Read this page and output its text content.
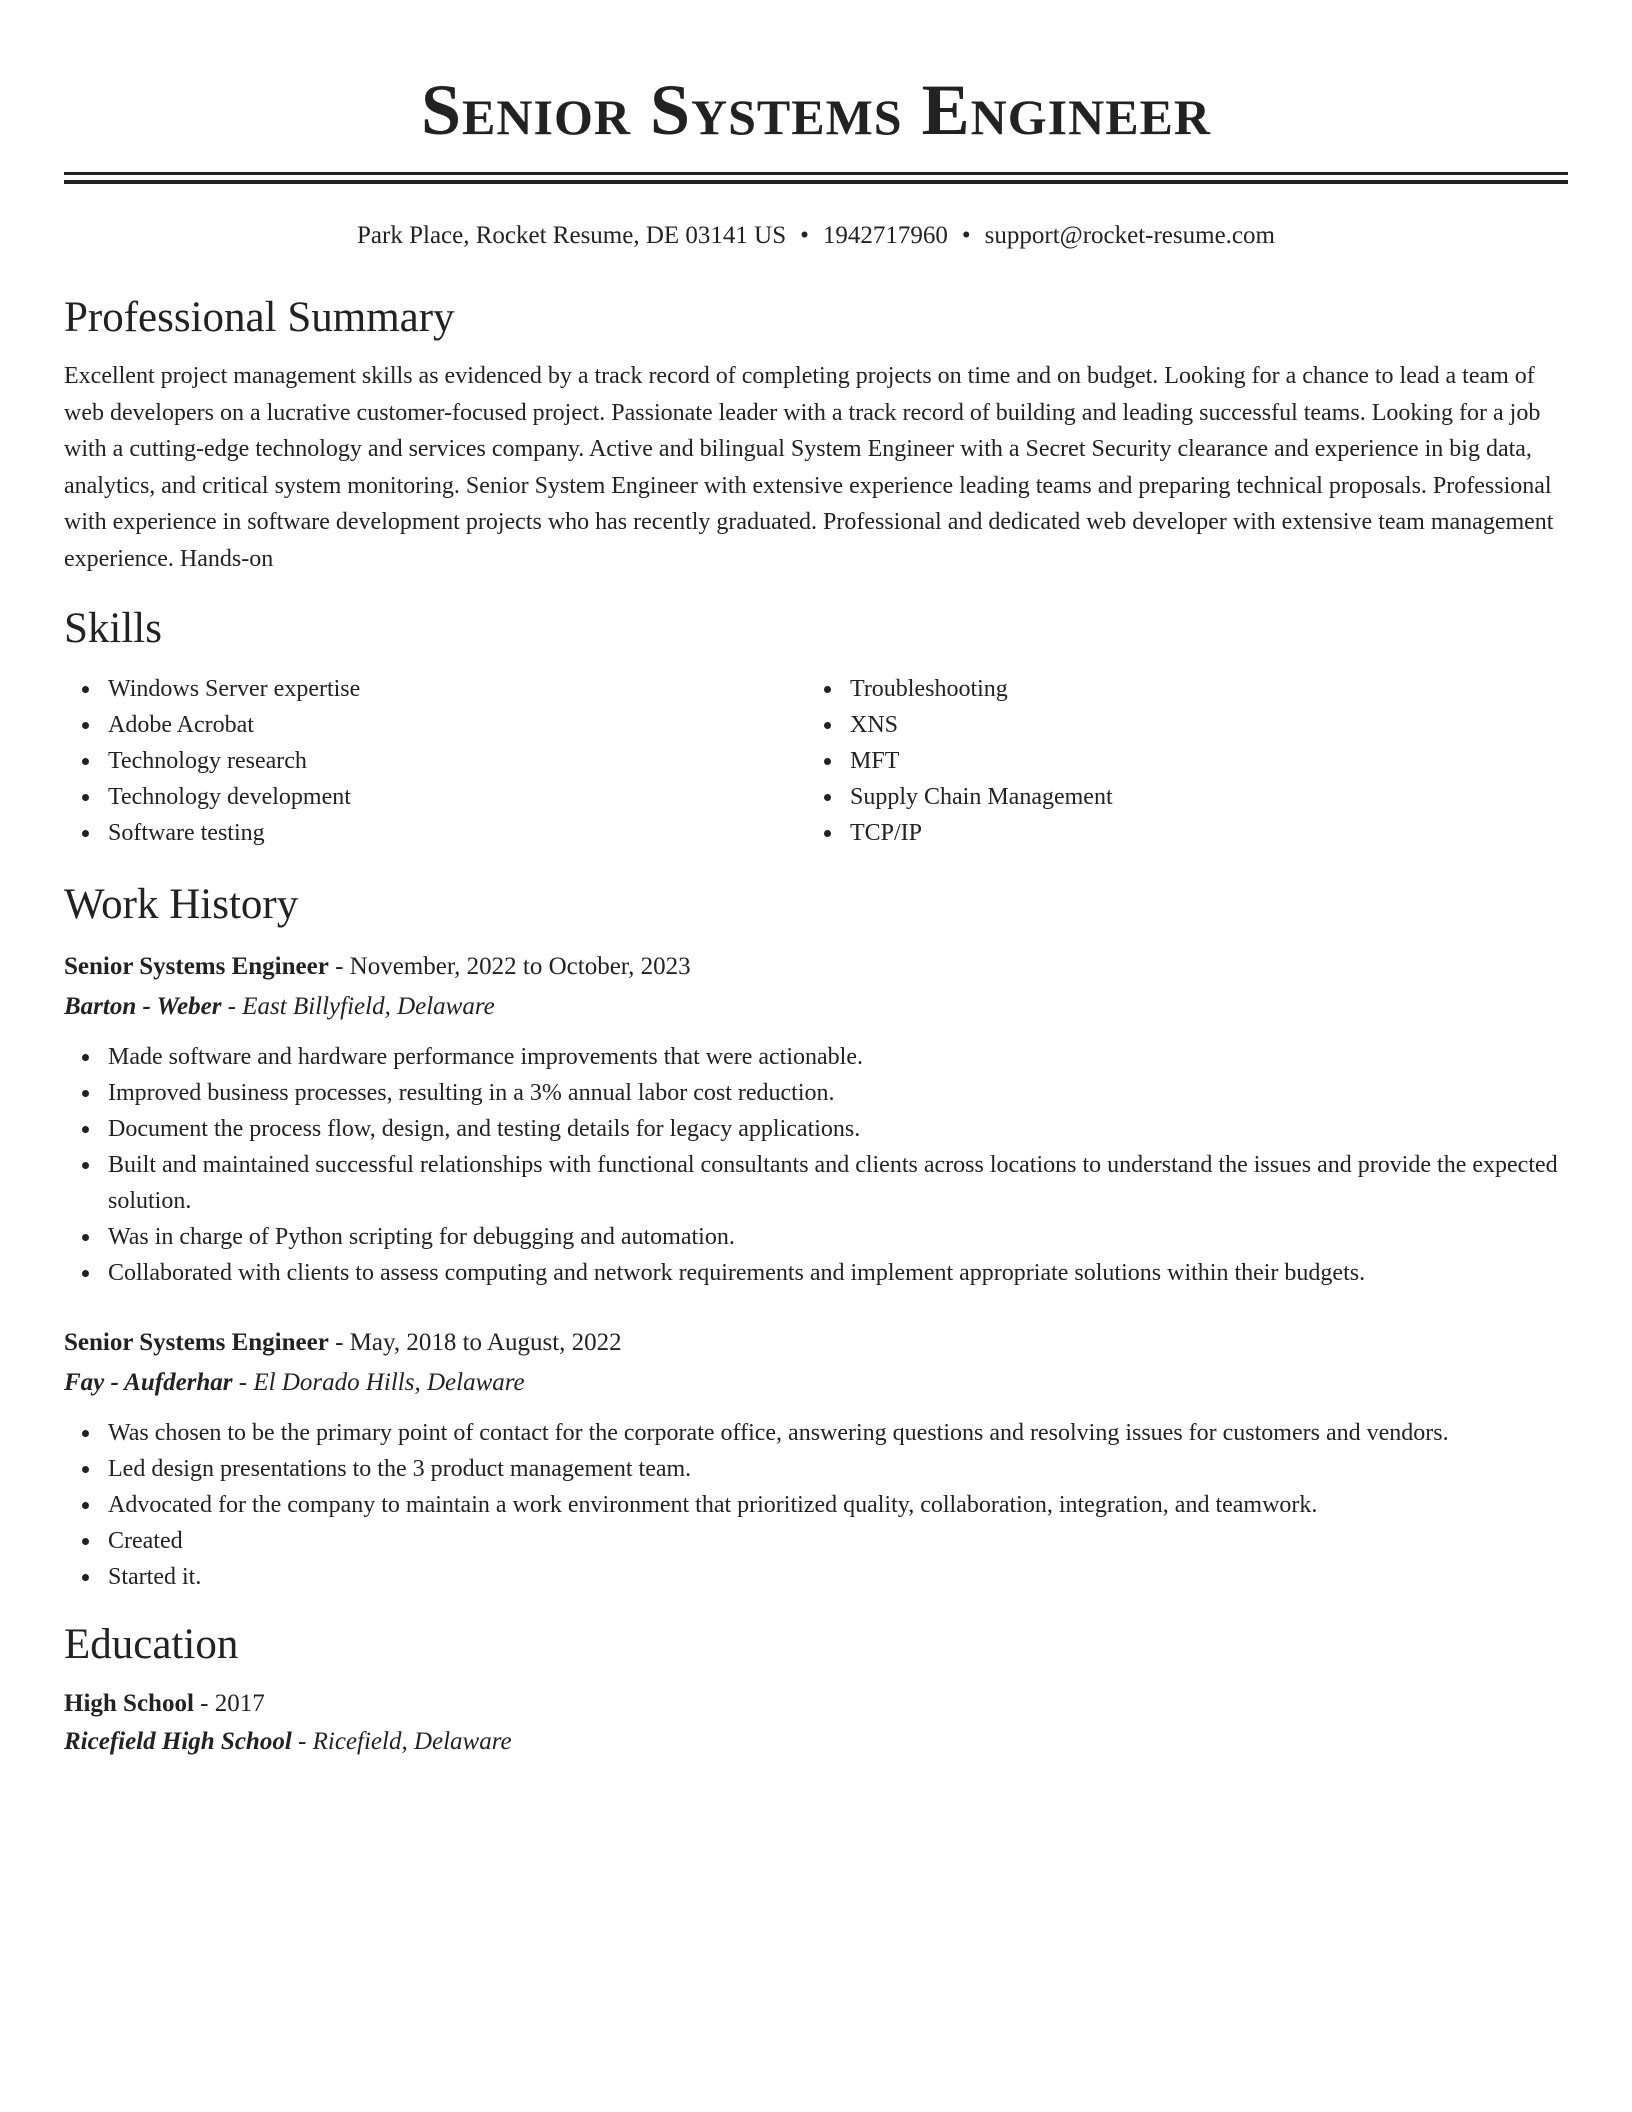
Senior Systems Engineer
Park Place, Rocket Resume, DE 03141 US • 1942717960 • support@rocket-resume.com
Professional Summary

Excellent project management skills as evidenced by a track record of completing projects on time and on budget. Looking for a chance to lead a team of web developers on a lucrative customer-focused project. Passionate leader with a track record of building and leading successful teams. Looking for a job with a cutting-edge technology and services company. Active and bilingual System Engineer with a Secret Security clearance and experience in big data, analytics, and critical system monitoring. Senior System Engineer with extensive experience leading teams and preparing technical proposals. Professional with experience in software development projects who has recently graduated. Professional and dedicated web developer with extensive team management experience. Hands-on

Skills
Windows Server expertise
Adobe Acrobat
Technology research
Technology development
Software testing
Troubleshooting
XNS
MFT
Supply Chain Management
TCP/IP
Work History
Senior Systems Engineer - November, 2022 to October, 2023
Barton - Weber - East Billyfield, Delaware
Made software and hardware performance improvements that were actionable.
Improved business processes, resulting in a 3% annual labor cost reduction.
Document the process flow, design, and testing details for legacy applications.
Built and maintained successful relationships with functional consultants and clients across locations to understand the issues and provide the expected solution.
Was in charge of Python scripting for debugging and automation.
Collaborated with clients to assess computing and network requirements and implement appropriate solutions within their budgets.
Senior Systems Engineer - May, 2018 to August, 2022
Fay - Aufderhar - El Dorado Hills, Delaware
Was chosen to be the primary point of contact for the corporate office, answering questions and resolving issues for customers and vendors.
Led design presentations to the 3 product management team.
Advocated for the company to maintain a work environment that prioritized quality, collaboration, integration, and teamwork.
Created
Started it.
Education
High School - 2017
Ricefield High School - Ricefield, Delaware
